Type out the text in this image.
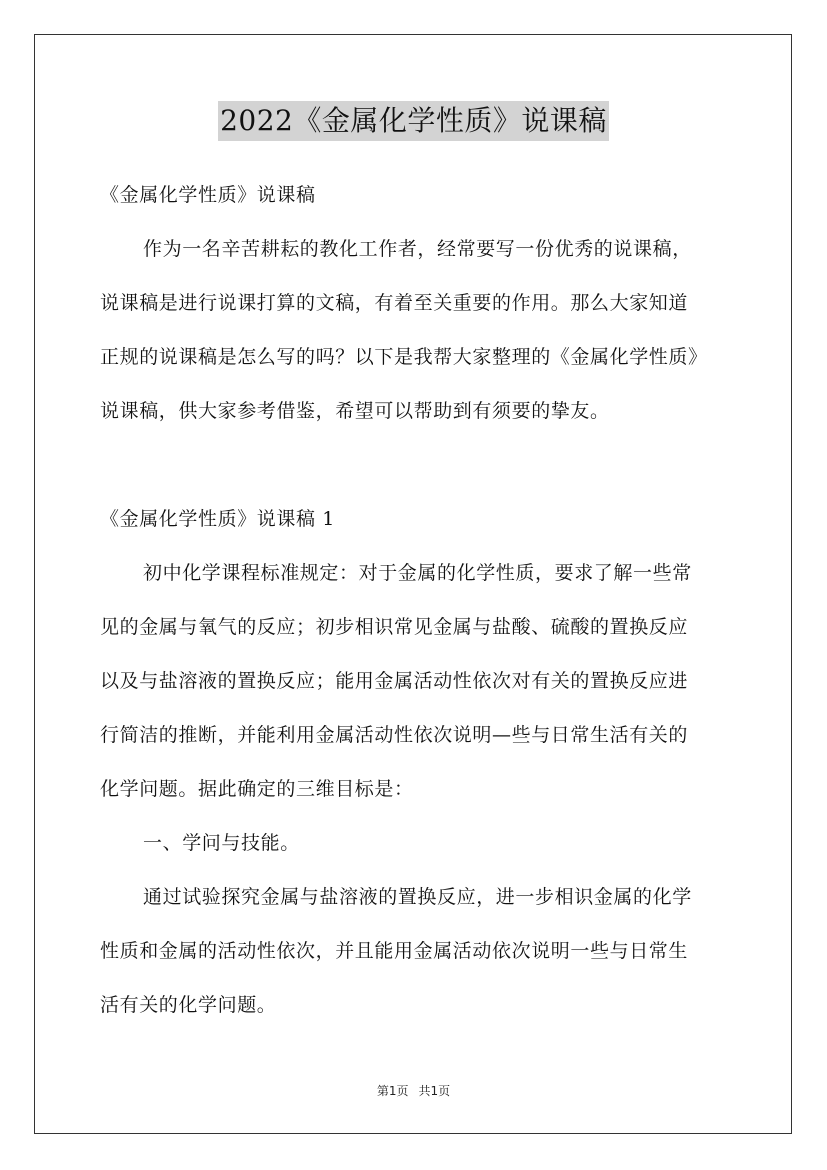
2022《金属化学性质》说课稿
《金属化学性质》说课稿
作为一名辛苦耕耘的教化工作者，经常要写一份优秀的说课稿，
说课稿是进行说课打算的文稿，有着至关重要的作用。那么大家知道
正规的说课稿是怎么写的吗？以下是我帮大家整理的《金属化学性质》
说课稿，供大家参考借鉴，希望可以帮助到有须要的挚友。
《金属化学性质》说课稿 1
初中化学课程标准规定：对于金属的化学性质，要求了解一些常
见的金属与氧气的反应；初步相识常见金属与盐酸、硫酸的置换反应
以及与盐溶液的置换反应；能用金属活动性依次对有关的置换反应进
行简洁的推断，并能利用金属活动性依次说明—些与日常生活有关的
化学问题。据此确定的三维目标是：
一、学问与技能。
通过试验探究金属与盐溶液的置换反应，进一步相识金属的化学
性质和金属的活动性依次，并且能用金属活动依次说明一些与日常生
活有关的化学问题。
第1页 共1页
